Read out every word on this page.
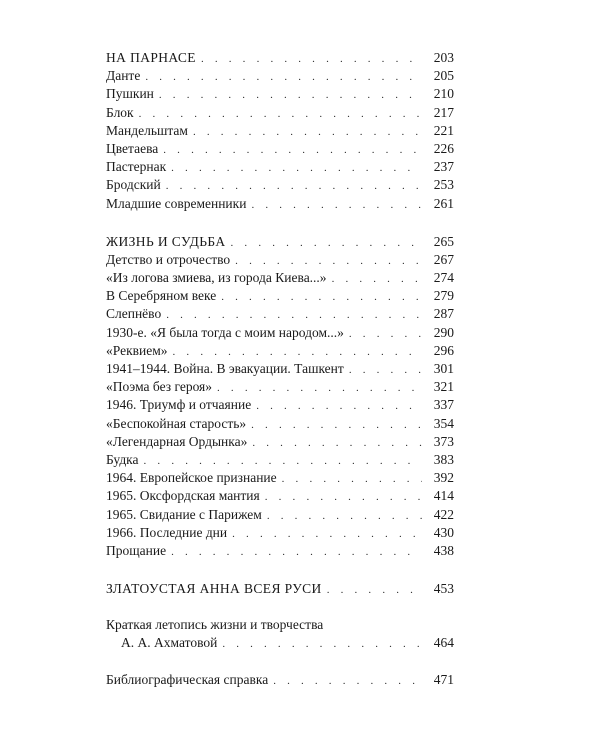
НА ПАРНАСЕ . . .	203
Данте . . .	205
Пушкин . . .	210
Блок . . .	217
Мандельштам . . .	221
Цветаева . . .	226
Пастернак . . .	237
Бродский . . .	253
Младшие современники . . .	261
ЖИЗНЬ И СУДЬБА . . .	265
Детство и отрочество . . .	267
«Из логова змиева, из города Киева...» . . .	274
В Серебряном веке . . .	279
Слепнёво . . .	287
1930-е. «Я была тогда с моим народом...» . . .	290
«Реквием» . . .	296
1941–1944. Война. В эвакуации. Ташкент . . .	301
«Поэма без героя» . . .	321
1946. Триумф и отчаяние . . .	337
«Беспокойная старость» . . .	354
«Легендарная Ордынка» . . .	373
Будка . . .	383
1964. Европейское признание . . .	392
1965. Оксфордская мантия . . .	414
1965. Свидание с Парижем . . .	422
1966. Последние дни . . .	430
Прощание . . .	438
ЗЛАТОУСТАЯ АННА ВСЕЯ РУСИ . . .	453
Краткая летопись жизни и творчества
А. А. Ахматовой . . .	464
Библиографическая справка . . .	471
